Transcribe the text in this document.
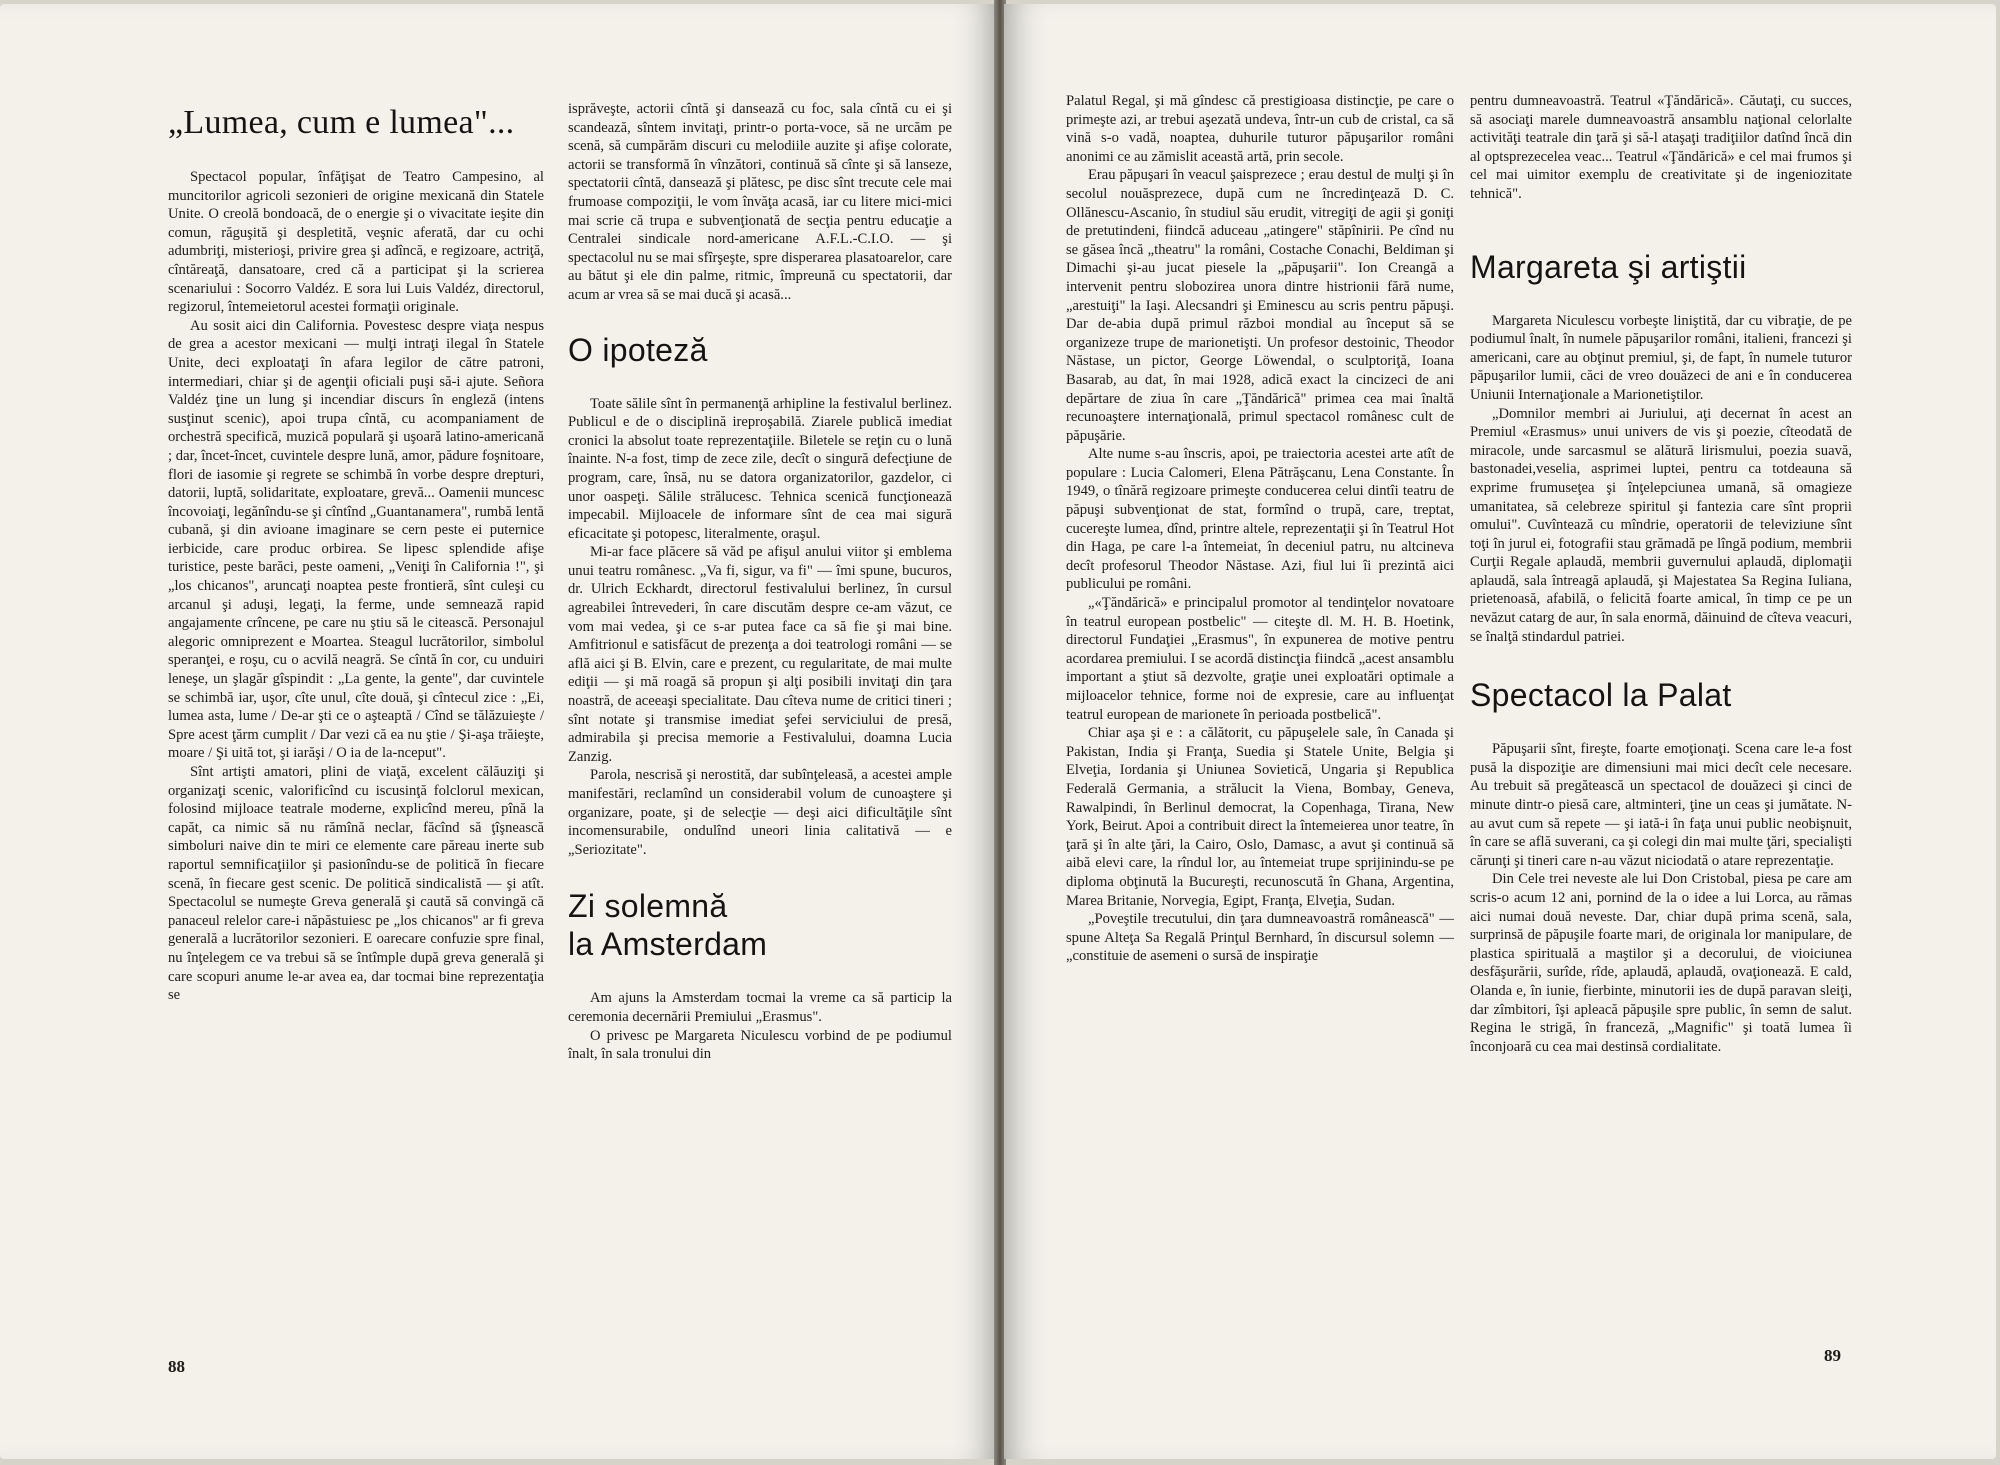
„Lumea, cum e lumea"...

Spectacol popular, înfăţişat de Teatro Campesino, al muncitorilor agricoli sezonieri de origine mexicană din Statele Unite. O creolă bondoacă, de o energie şi o vivacitate ieşite din comun, răguşită şi despletită, veşnic aferată, dar cu ochi adumbriţi, misterioşi, privire grea şi adîncă, e regizoare, actriţă, cîntăreaţă, dansatoare, cred că a participat şi la scrierea scenariului : Socorro Valdéz. E sora lui Luis Valdéz, directorul, regizorul, întemeietorul acestei formaţii originale.

Au sosit aici din California. Povestesc despre viaţa nespus de grea a acestor mexicani — mulţi intraţi ilegal în Statele Unite, deci exploataţi în afara legilor de către patroni, intermediari, chiar şi de agenţii oficiali puşi să-i ajute. Señora Valdéz ţine un lung şi incendiar discurs în engleză (intens susţinut scenic), apoi trupa cîntă, cu acompaniament de orchestră specifică, muzică populară şi uşoară latino-americană ; dar, încet-încet, cuvintele despre lună, amor, pădure foşnitoare, flori de iasomie şi regrete se schimbă în vorbe despre drepturi, datorii, luptă, solidaritate, exploatare, grevă... Oamenii muncesc încovoiaţi, legănîndu-se şi cîntînd „Guantanamera", rumbă lentă cubană, şi din avioane imaginare se cern peste ei puternice ierbicide, care produc orbirea. Se lipesc splendide afişe turistice, peste barăci, peste oameni, „Veniţi în California !", şi „los chicanos", aruncaţi noaptea peste frontieră, sînt culeşi cu arcanul şi aduşi, legaţi, la ferme, unde semnează rapid angajamente crîncene, pe care nu ştiu să le citească. Personajul alegoric omniprezent e Moartea. Steagul lucrătorilor, simbolul speranţei, e roşu, cu o acvilă neagră. Se cîntă în cor, cu unduiri leneşe, un şlagăr gîspindit : „La gente, la gente", dar cuvintele se schimbă iar, uşor, cîte unul, cîte două, şi cîntecul zice : „Ei, lumea asta, lume / De-ar şti ce o aşteaptă / Cînd se tălăzuieşte / Spre acest ţărm cumplit / Dar vezi că ea nu ştie / Şi-aşa trăieşte, moare / Şi uită tot, şi iarăşi / O ia de la-nceput".

Sînt artişti amatori, plini de viaţă, excelent călăuziţi şi organizaţi scenic, valorificînd cu iscusinţă folclorul mexican, folosind mijloace teatrale moderne, explicînd mereu, pînă la capăt, ca nimic să nu rămînă neclar, făcînd să ţîşnească simboluri naive din te miri ce elemente care păreau inerte sub raportul semnificaţiilor şi pasionîndu-se de politică în fiecare scenă, în fiecare gest scenic. De politică sindicalistă — şi atît. Spectacolul se numeşte Greva generală şi caută să convingă că panaceul relelor care-i năpăstuiesc pe „los chicanos" ar fi greva generală a lucrătorilor sezonieri. E oarecare confuzie spre final, nu înţelegem ce va trebui să se întîmple după greva generală şi care scopuri anume le-ar avea ea, dar tocmai bine reprezentaţia se

isprăveşte, actorii cîntă şi dansează cu foc, sala cîntă cu ei şi scandează, sîntem invitaţi, printr-o porta-voce, să ne urcăm pe scenă, să cumpărăm discuri cu melodiile auzite şi afişe colorate, actorii se transformă în vînzători, continuă să cînte şi să lanseze, spectatorii cîntă, dansează şi plătesc, pe disc sînt trecute cele mai frumoase compoziţii, le vom învăţa acasă, iar cu litere mici-mici mai scrie că trupa e subvenţionată de secţia pentru educaţie a Centralei sindicale nord-americane A.F.L.-C.I.O. — şi spectacolul nu se mai sfîrşeşte, spre disperarea plasatoarelor, care au bătut şi ele din palme, ritmic, împreună cu spectatorii, dar acum ar vrea să se mai ducă şi acasă...

O ipoteză

Toate sălile sînt în permanenţă arhipline la festivalul berlinez. Publicul e de o disciplină ireproşabilă. Ziarele publică imediat cronici la absolut toate reprezentaţiile. Biletele se reţin cu o lună înainte. N-a fost, timp de zece zile, decît o singură defecţiune de program, care, însă, nu se datora organizatorilor, gazdelor, ci unor oaspeţi. Sălile strălucesc. Tehnica scenică funcţionează impecabil. Mijloacele de informare sînt de cea mai sigură eficacitate şi potopesc, literalmente, oraşul.

Mi-ar face plăcere să văd pe afişul anului viitor şi emblema unui teatru românesc. „Va fi, sigur, va fi" — îmi spune, bucuros, dr. Ulrich Eckhardt, directorul festivalului berlinez, în cursul agreabilei întrevederi, în care discutăm despre ce-am văzut, ce vom mai vedea, şi ce s-ar putea face ca să fie şi mai bine. Amfitrionul e satisfăcut de prezenţa a doi teatrologi români — se află aici şi B. Elvin, care e prezent, cu regularitate, de mai multe ediţii — şi mă roagă să propun şi alţi posibili invitaţi din ţara noastră, de aceeaşi specialitate. Dau cîteva nume de critici tineri ; sînt notate şi transmise imediat şefei serviciului de presă, admirabila şi precisa memorie a Festivalului, doamna Lucia Zanzig.

Parola, nescrisă şi nerostită, dar subînţeleasă, a acestei ample manifestări, reclamînd un considerabil volum de cunoaştere şi organizare, poate, şi de selecţie — deşi aici dificultăţile sînt incomensurabile, ondulînd uneori linia calitativă — e „Seriozitate".

Zi solemnă
la Amsterdam

Am ajuns la Amsterdam tocmai la vreme ca să particip la ceremonia decernării Premiului „Erasmus".

O privesc pe Margareta Niculescu vorbind de pe podiumul înalt, în sala tronului din

88

Palatul Regal, şi mă gîndesc că prestigioasa distincţie, pe care o primeşte azi, ar trebui aşezată undeva, într-un cub de cristal, ca să vină s-o vadă, noaptea, duhurile tuturor păpuşarilor români anonimi ce au zămislit această artă, prin secole.

Erau păpuşari în veacul şaisprezece ; erau destul de mulţi şi în secolul nouăsprezece, după cum ne încredinţează D. C. Ollănescu-Ascanio, în studiul său erudit, vitregiţi de agii şi goniţi de pretutindeni, fiindcă aduceau „atingere" stăpînirii. Pe cînd nu se găsea încă „theatru" la români, Costache Conachi, Beldiman şi Dimachi şi-au jucat piesele la „păpuşarii". Ion Creangă a intervenit pentru slobozirea unora dintre histrionii fără nume, „arestuiţi" la Iaşi. Alecsandri şi Eminescu au scris pentru păpuşi. Dar de-abia după primul război mondial au început să se organizeze trupe de marionetişti. Un profesor destoinic, Theodor Năstase, un pictor, George Löwendal, o sculptoriţă, Ioana Basarab, au dat, în mai 1928, adică exact la cincizeci de ani depărtare de ziua în care „Ţăndărică" primea cea mai înaltă recunoaştere internaţională, primul spectacol românesc cult de păpuşărie.

Alte nume s-au înscris, apoi, pe traiectoria acestei arte atît de populare : Lucia Calomeri, Elena Pătrăşcanu, Lena Constante. În 1949, o tînără regizoare primeşte conducerea celui dintîi teatru de păpuşi subvenţionat de stat, formînd o trupă, care, treptat, cucereşte lumea, dînd, printre altele, reprezentaţii şi în Teatrul Hot din Haga, pe care l-a întemeiat, în deceniul patru, nu altcineva decît profesorul Theodor Năstase. Azi, fiul lui îi prezintă aici publicului pe români.

„«Ţăndărică» e principalul promotor al tendinţelor novatoare în teatrul european postbelic" — citeşte dl. M. H. B. Hoetink, directorul Fundaţiei „Erasmus", în expunerea de motive pentru acordarea premiului. I se acordă distincţia fiindcă „acest ansamblu important a ştiut să dezvolte, graţie unei exploatări optimale a mijloacelor tehnice, forme noi de expresie, care au influenţat teatrul european de marionete în perioada postbelică".

Chiar aşa şi e : a călătorit, cu păpuşelele sale, în Canada şi Pakistan, India şi Franţa, Suedia şi Statele Unite, Belgia şi Elveţia, Iordania şi Uniunea Sovietică, Ungaria şi Republica Federală Germania, a strălucit la Viena, Bombay, Geneva, Rawalpindi, în Berlinul democrat, la Copenhaga, Tirana, New York, Beirut. Apoi a contribuit direct la întemeierea unor teatre, în ţară şi în alte ţări, la Cairo, Oslo, Damasc, a avut şi continuă să aibă elevi care, la rîndul lor, au întemeiat trupe sprijinindu-se pe diploma obţinută la Bucureşti, recunoscută în Ghana, Argentina, Marea Britanie, Norvegia, Egipt, Franţa, Elveţia, Sudan.

„Poveştile trecutului, din ţara dumneavoastră românească" — spune Alteţa Sa Regală Prinţul Bernhard, în discursul solemn — „constituie de asemeni o sursă de inspiraţie

pentru dumneavoastră. Teatrul «Ţăndărică». Căutaţi, cu succes, să asociaţi marele dumneavoastră ansamblu naţional celorlalte activităţi teatrale din ţară şi să-l ataşaţi tradiţiilor datînd încă din al optsprezecelea veac... Teatrul «Ţăndărică» e cel mai frumos şi cel mai uimitor exemplu de creativitate şi de ingeniozitate tehnică".

Margareta şi artiştii

Margareta Niculescu vorbeşte liniştită, dar cu vibraţie, de pe podiumul înalt, în numele păpuşarilor români, italieni, francezi şi americani, care au obţinut premiul, şi, de fapt, în numele tuturor păpuşarilor lumii, căci de vreo douăzeci de ani e în conducerea Uniunii Internaţionale a Marionetiştilor.

„Domnilor membri ai Juriului, aţi decernat în acest an Premiul «Erasmus» unui univers de vis şi poezie, cîteodată de miracole, unde sarcasmul se alătură lirismului, poezia suavă, bastonadei,veselia, asprimei luptei, pentru ca totdeauna să exprime frumuseţea şi înţelepciunea umană, să omagieze umanitatea, să celebreze spiritul şi fantezia care sînt proprii omului". Cuvîntează cu mîndrie, operatorii de televiziune sînt toţi în jurul ei, fotografii stau grămadă pe lîngă podium, membrii Curţii Regale aplaudă, membrii guvernului aplaudă, diplomaţii aplaudă, sala întreagă aplaudă, şi Majestatea Sa Regina Iuliana, prietenoasă, afabilă, o felicită foarte amical, în timp ce pe un nevăzut catarg de aur, în sala enormă, dăinuind de cîteva veacuri, se înalţă stindardul patriei.

Spectacol la Palat

Păpuşarii sînt, fireşte, foarte emoţionaţi. Scena care le-a fost pusă la dispoziţie are dimensiuni mai mici decît cele necesare. Au trebuit să pregătească un spectacol de douăzeci şi cinci de minute dintr-o piesă care, altminteri, ţine un ceas şi jumătate. N-au avut cum să repete — şi iată-i în faţa unui public neobişnuit, în care se află suverani, ca şi colegi din mai multe ţări, specialişti cărunţi şi tineri care n-au văzut niciodată o atare reprezentaţie.

Din Cele trei neveste ale lui Don Cristobal, piesa pe care am scris-o acum 12 ani, pornind de la o idee a lui Lorca, au rămas aici numai două neveste. Dar, chiar după prima scenă, sala, surprinsă de păpuşile foarte mari, de originala lor manipulare, de plastica spirituală a maştilor şi a decorului, de vioiciunea desfăşurării, surîde, rîde, aplaudă, aplaudă, ovaţionează. E cald, Olanda e, în iunie, fierbinte, minutorii ies de după paravan sleiţi, dar zîmbitori, îşi apleacă păpuşile spre public, în semn de salut. Regina le strigă, în franceză, „Magnific" şi toată lumea îi înconjoară cu cea mai destinsă cordialitate.

89
